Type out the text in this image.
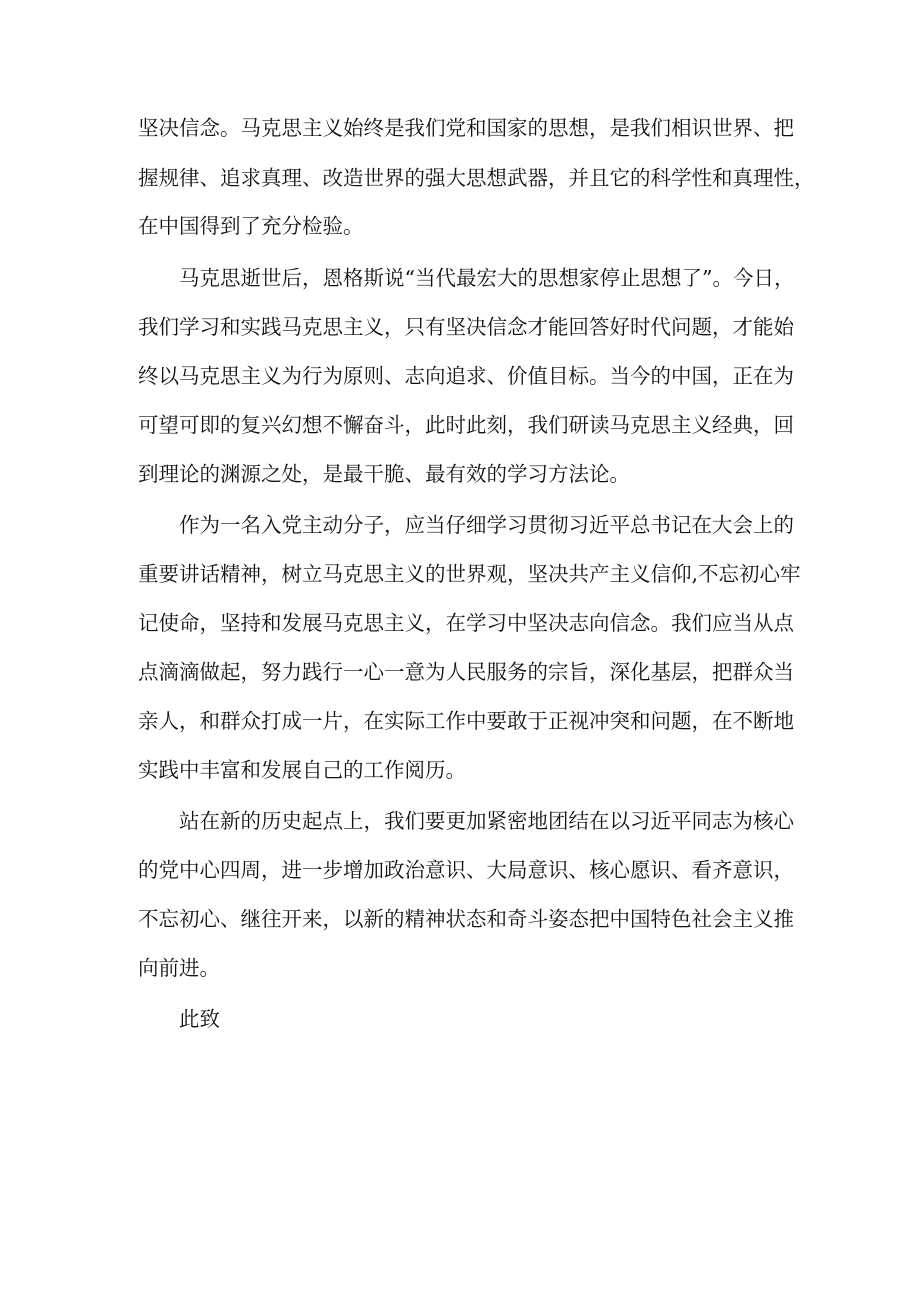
坚决信念。马克思主义始终是我们党和国家的思想，是我们相识世界、把
握规律、追求真理、改造世界的强大思想武器，并且它的科学性和真理性，
在中国得到了充分检验。
马克思逝世后，恩格斯说“当代最宏大的思想家停止思想了”。今日，
我们学习和实践马克思主义，只有坚决信念才能回答好时代问题，才能始
终以马克思主义为行为原则、志向追求、价值目标。当今的中国，正在为
可望可即的复兴幻想不懈奋斗，此时此刻，我们研读马克思主义经典，回
到理论的渊源之处，是最干脆、最有效的学习方法论。
作为一名入党主动分子，应当仔细学习贯彻习近平总书记在大会上的
重要讲话精神，树立马克思主义的世界观，坚决共产主义信仰,不忘初心牢
记使命，坚持和发展马克思主义，在学习中坚决志向信念。我们应当从点
点滴滴做起，努力践行一心一意为人民服务的宗旨，深化基层，把群众当
亲人，和群众打成一片，在实际工作中要敢于正视冲突和问题，在不断地
实践中丰富和发展自己的工作阅历。
站在新的历史起点上，我们要更加紧密地团结在以习近平同志为核心
的党中心四周，进一步增加政治意识、大局意识、核心愿识、看齐意识，
不忘初心、继往开来，以新的精神状态和奇斗姿态把中国特色社会主义推
向前进。
此致
